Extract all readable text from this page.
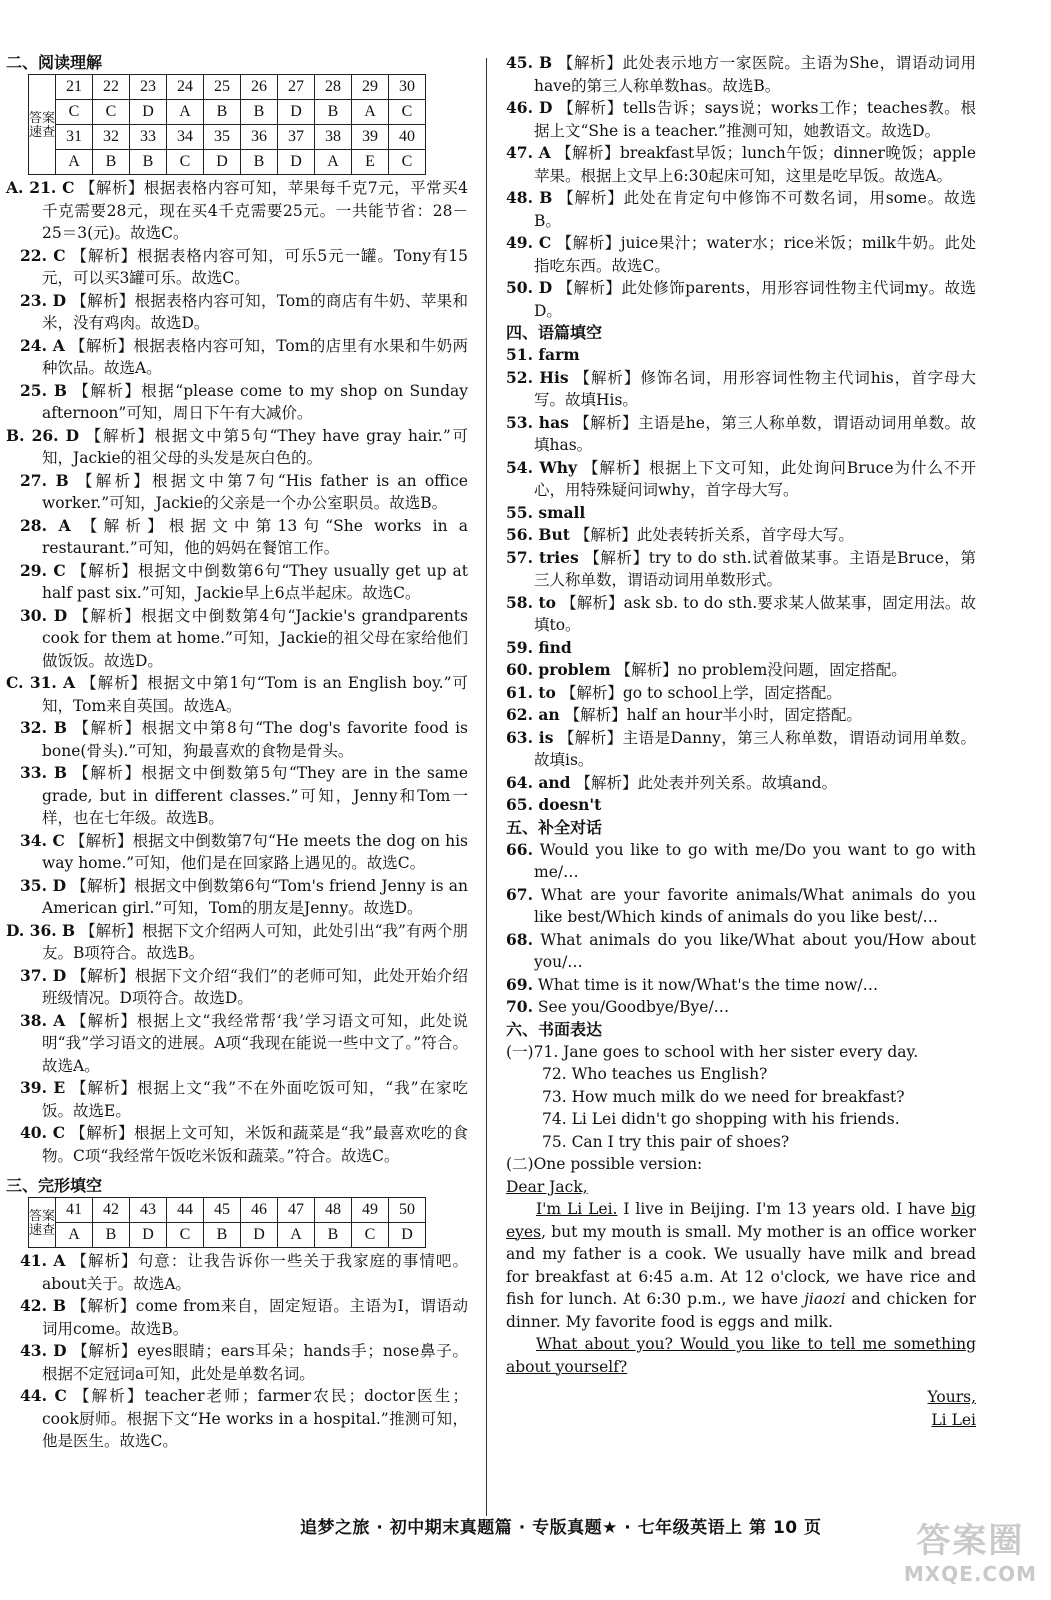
二、阅读理解
答案速查	21	22	23	24	25	26	27	28	29	30
	C	C	D	A	B	B	D	B	A	C
	31	32	33	34	35	36	37	38	39	40
	A	B	B	C	D	B	D	A	E	C
A. 21. C 【解析】根据表格内容可知，苹果每千克7元，平常买4千克需要28元，现在买4千克需要25元。一共能节省：28－25＝3(元)。故选C。
22. C 【解析】根据表格内容可知，可乐5元一罐。Tony有15元，可以买3罐可乐。故选C。
23. D 【解析】根据表格内容可知，Tom的商店有牛奶、苹果和米，没有鸡肉。故选D。
24. A 【解析】根据表格内容可知，Tom的店里有水果和牛奶两种饮品。故选A。
25. B 【解析】根据“please come to my shop on Sunday afternoon”可知，周日下午有大减价。
B. 26. D 【解析】根据文中第5句“They have gray hair.”可知，Jackie的祖父母的头发是灰白色的。
27. B 【解析】根据文中第7句“His father is an office worker.”可知，Jackie的父亲是一个办公室职员。故选B。
28. A 【解析】根据文中第13句“She works in a restaurant.”可知，他的妈妈在餐馆工作。
29. C 【解析】根据文中倒数第6句“They usually get up at half past six.”可知，Jackie早上6点半起床。故选C。
30. D 【解析】根据文中倒数第4句“Jackie's grandparents cook for them at home.”可知，Jackie的祖父母在家给他们做饭饭。故选D。
C. 31. A 【解析】根据文中第1句“Tom is an English boy.”可知，Tom来自英国。故选A。
32. B 【解析】根据文中第8句“The dog's favorite food is bone(骨头).”可知，狗最喜欢的食物是骨头。
33. B 【解析】根据文中倒数第5句“They are in the same grade, but in different classes.”可知，Jenny和Tom一样，也在七年级。故选B。
34. C 【解析】根据文中倒数第7句“He meets the dog on his way home.”可知，他们是在回家路上遇见的。故选C。
35. D 【解析】根据文中倒数第6句“Tom's friend Jenny is an American girl.”可知，Tom的朋友是Jenny。故选D。
D. 36. B 【解析】根据下文介绍两人可知，此处引出“我”有两个朋友。B项符合。故选B。
37. D 【解析】根据下文介绍“我们”的老师可知，此处开始介绍班级情况。D项符合。故选D。
38. A 【解析】根据上文“我经常帮‘我’学习语文可知，此处说明“我”学习语文的进展。A项“我现在能说一些中文了。”符合。故选A。
39. E 【解析】根据上文“我”不在外面吃饭可知，“我”在家吃饭。故选E。
40. C 【解析】根据上文可知，米饭和蔬菜是“我”最喜欢吃的食物。C项“我经常午饭吃米饭和蔬菜。”符合。故选C。
三、完形填空
答案速查	41	42	43	44	45	46	47	48	49	50
	A	B	D	C	B	D	A	B	C	D
41. A 【解析】句意：让我告诉你一些关于我家庭的事情吧。about关于。故选A。
42. B 【解析】come from来自，固定短语。主语为I，谓语动词用come。故选B。
43. D 【解析】eyes眼睛；ears耳朵；hands手；nose鼻子。根据不定冠词a可知，此处是单数名词。
44. C 【解析】teacher老师；farmer农民；doctor医生；cook厨师。根据下文“He works in a hospital.”推测可知，他是医生。故选C。
45. B 【解析】此处表示地方一家医院。主语为She，谓语动词用have的第三人称单数has。故选B。
46. D 【解析】tells告诉；says说；works工作；teaches教。根据上文“She is a teacher.”推测可知，她教语文。故选D。
47. A 【解析】breakfast早饭；lunch午饭；dinner晚饭；apple苹果。根据上文早上6:30起床可知，这里是吃早饭。故选A。
48. B 【解析】此处在肯定句中修饰不可数名词，用some。故选B。
49. C 【解析】juice果汁；water水；rice米饭；milk牛奶。此处指吃东西。故选C。
50. D 【解析】此处修饰parents，用形容词性物主代词my。故选D。
四、语篇填空
51. farm
52. His 【解析】修饰名词，用形容词性物主代词his，首字母大写。故填His。
53. has 【解析】主语是he，第三人称单数，谓语动词用单数。故填has。
54. Why 【解析】根据上下文可知，此处询问Bruce为什么不开心，用特殊疑问词why，首字母大写。
55. small
56. But 【解析】此处表转折关系，首字母大写。
57. tries 【解析】try to do sth.试着做某事。主语是Bruce，第三人称单数，谓语动词用单数形式。
58. to 【解析】ask sb. to do sth.要求某人做某事，固定用法。故填to。
59. find
60. problem 【解析】no problem没问题，固定搭配。
61. to 【解析】go to school上学，固定搭配。
62. an 【解析】half an hour半小时，固定搭配。
63. is 【解析】主语是Danny，第三人称单数，谓语动词用单数。故填is。
64. and 【解析】此处表并列关系。故填and。
65. doesn't
五、补全对话
66. Would you like to go with me/Do you want to go with me/…
67. What are your favorite animals/What animals do you like best/Which kinds of animals do you like best/…
68. What animals do you like/What about you/How about you/…
69. What time is it now/What's the time now/…
70. See you/Goodbye/Bye/…
六、书面表达
(一)71. Jane goes to school with her sister every day.
72. Who teaches us English?
73. How much milk do we need for breakfast?
74. Li Lei didn't go shopping with his friends.
75. Can I try this pair of shoes?
(二)One possible version:
Dear Jack,
I'm Li Lei. I live in Beijing. I'm 13 years old. I have big eyes, but my mouth is small. My mother is an office worker and my father is a cook. We usually have milk and bread for breakfast at 6:45 a.m. At 12 o'clock, we have rice and fish for lunch. At 6:30 p.m., we have jiaozi and chicken for dinner. My favorite food is eggs and milk.
What about you? Would you like to tell me something about yourself?
Yours,
Li Lei
追梦之旅 · 初中期末真题篇 · 专版真题★ · 七年级英语上 第 10 页	答案圈
MXQE.COM
